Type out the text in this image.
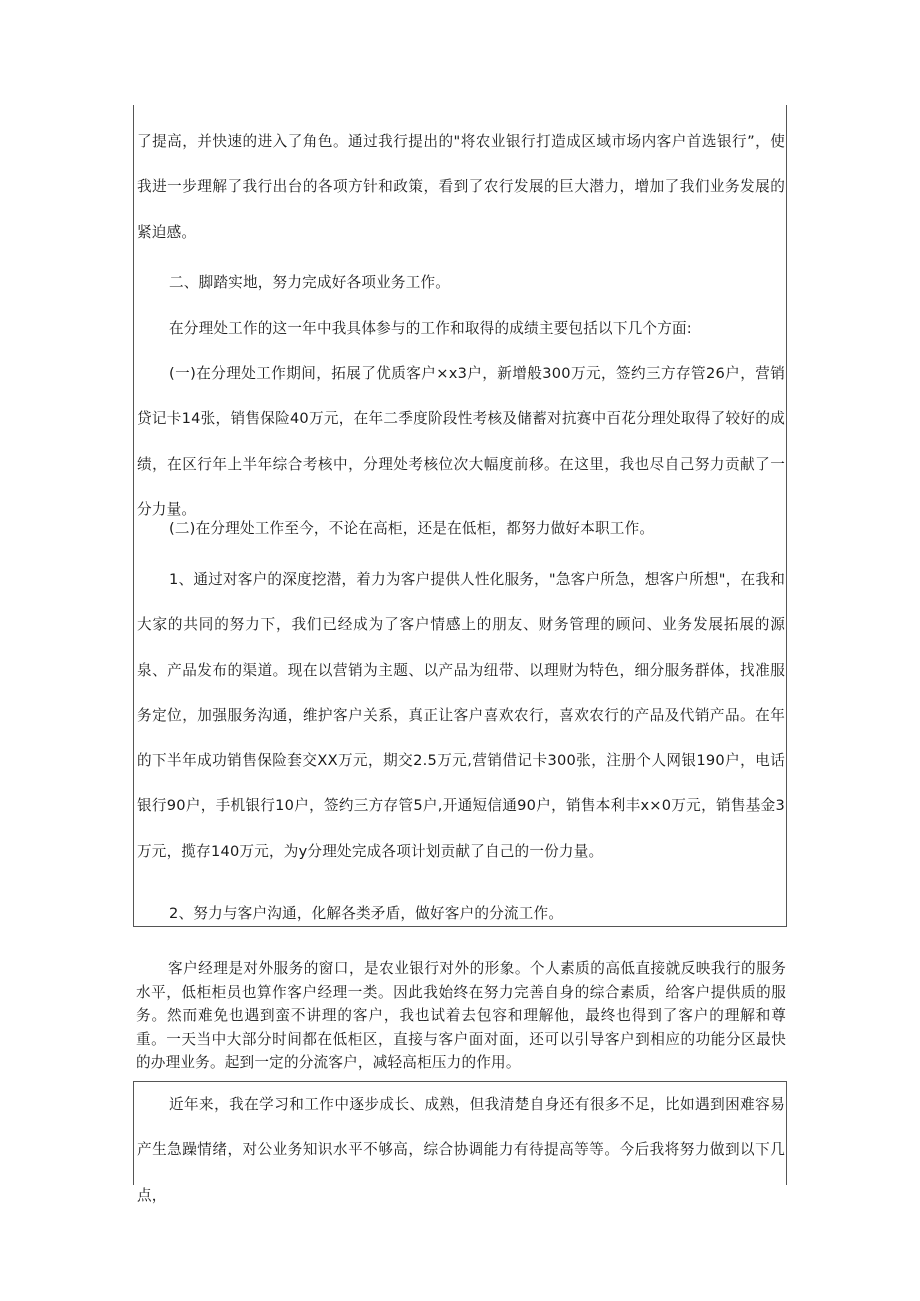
了提高，并快速的进入了角色。通过我行提出的"将农业银行打造成区域市场内客户首选银行”，使我进一步理解了我行出台的各项方针和政策，看到了农行发展的巨大潜力，增加了我们业务发展的紧迫感。

二、脚踏实地，努力完成好各项业务工作。

在分理处工作的这一年中我具体参与的工作和取得的成绩主要包括以下几个方面:

(一)在分理处工作期间，拓展了优质客户×x3户，新增般300万元，签约三方存管26户，营销贷记卡14张，销售保险40万元，在年二季度阶段性考核及储蓄对抗赛中百花分理处取得了较好的成绩，在区行年上半年综合考核中，分理处考核位次大幅度前移。在这里，我也尽自己努力贡献了一分力量。

(二)在分理处工作至今，不论在高柜，还是在低柜，都努力做好本职工作。

1、通过对客户的深度挖潜，着力为客户提供人性化服务，"急客户所急，想客户所想"，在我和大家的共同的努力下，我们已经成为了客户情感上的朋友、财务管理的顾问、业务发展拓展的源泉、产品发布的渠道。现在以营销为主题、以产品为纽带、以理财为特色，细分服务群体，找准服务定位，加强服务沟通，维护客户关系，真正让客户喜欢农行，喜欢农行的产品及代销产品。在年的下半年成功销售保险套交XX万元，期交2.5万元,营销借记卡300张，注册个人网银190户，电话银行90户，手机银行10户，签约三方存管5户,开通短信通90户，销售本利丰x×0万元，销售基金3万元，揽存140万元，为y分理处完成各项计划贡献了自己的一份力量。

2、努力与客户沟通，化解各类矛盾，做好客户的分流工作。

客户经理是对外服务的窗口，是农业银行对外的形象。个人素质的高低直接就反映我行的服务水平，低柜柜员也算作客户经理一类。因此我始终在努力完善自身的综合素质，给客户提供质的服务。然而难免也遇到蛮不讲理的客户，我也试着去包容和理解他，最终也得到了客户的理解和尊重。一天当中大部分时间都在低柜区，直接与客户面对面，还可以引导客户到相应的功能分区最快的办理业务。起到一定的分流客户，减轻高柜压力的作用。

近年来，我在学习和工作中逐步成长、成熟，但我清楚自身还有很多不足，比如遇到困难容易产生急躁情绪，对公业务知识水平不够高，综合协调能力有待提高等等。今后我将努力做到以下几点，
